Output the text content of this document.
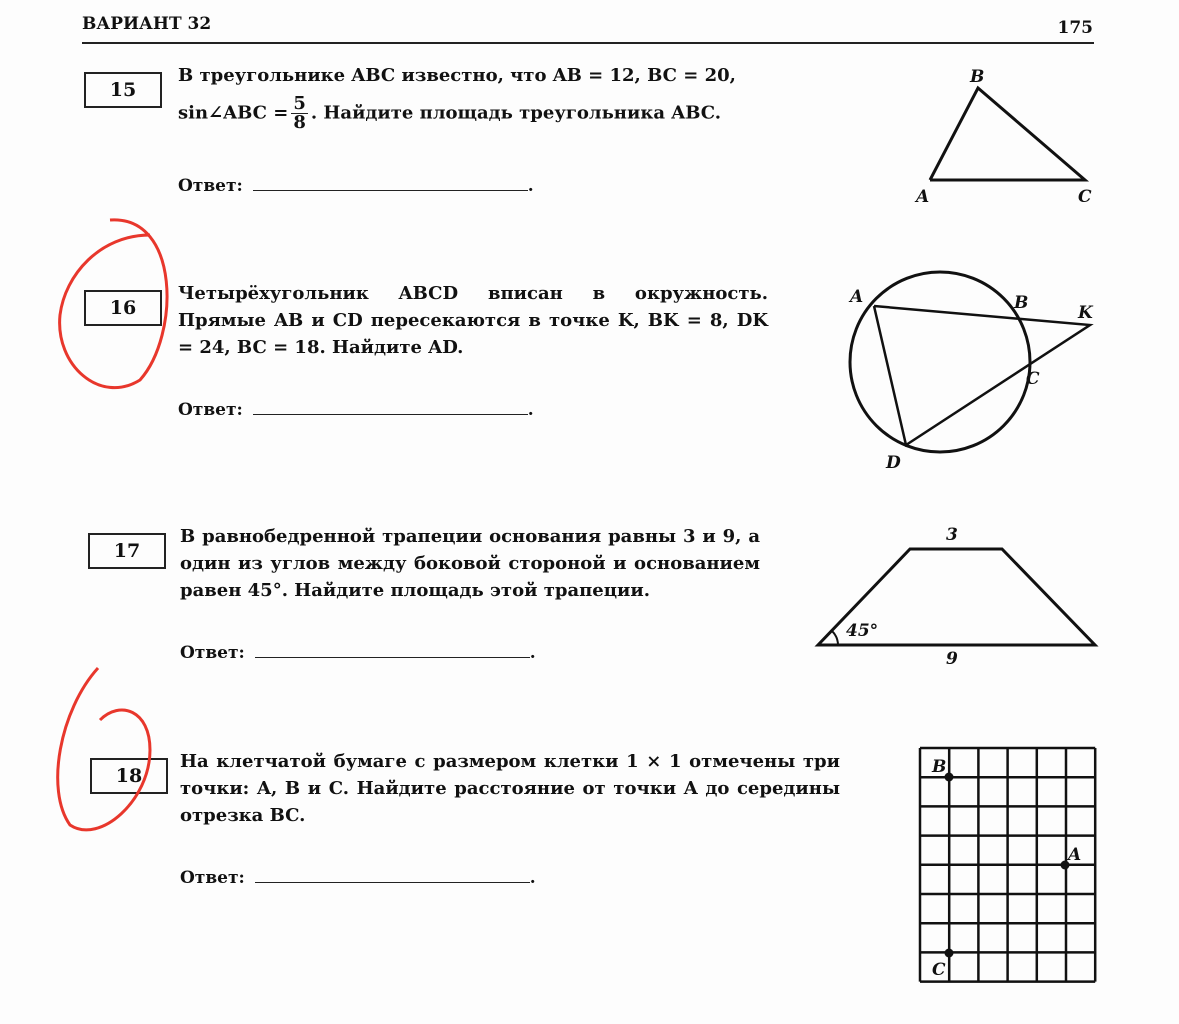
ВАРИАНТ 32	175
15
В треугольнике ABC известно, что AB = 12, BC = 20,
sin∠ABC = $\frac{5}{8}$ . Найдите площадь треугольника ABC.
Ответ:	.
B
A	C
16
Четырёхугольник ABCD вписан в окружность. Прямые AB и CD пересекаются в точке K, BK = 8, DK = 24, BC = 18. Найдите AD.
Ответ:	.
A	B	K
C
D
17
В равнобедренной трапеции основания равны 3 и 9, а один из углов между боковой стороной и основанием равен 45°. Найдите площадь этой трапеции.
Ответ:	.
3
9
45°
18
На клетчатой бумаге с размером клетки 1 × 1 отмечены три точки: A, B и C. Найдите расстояние от точки A до середины отрезка BC.
Ответ:	.
B
A
C
